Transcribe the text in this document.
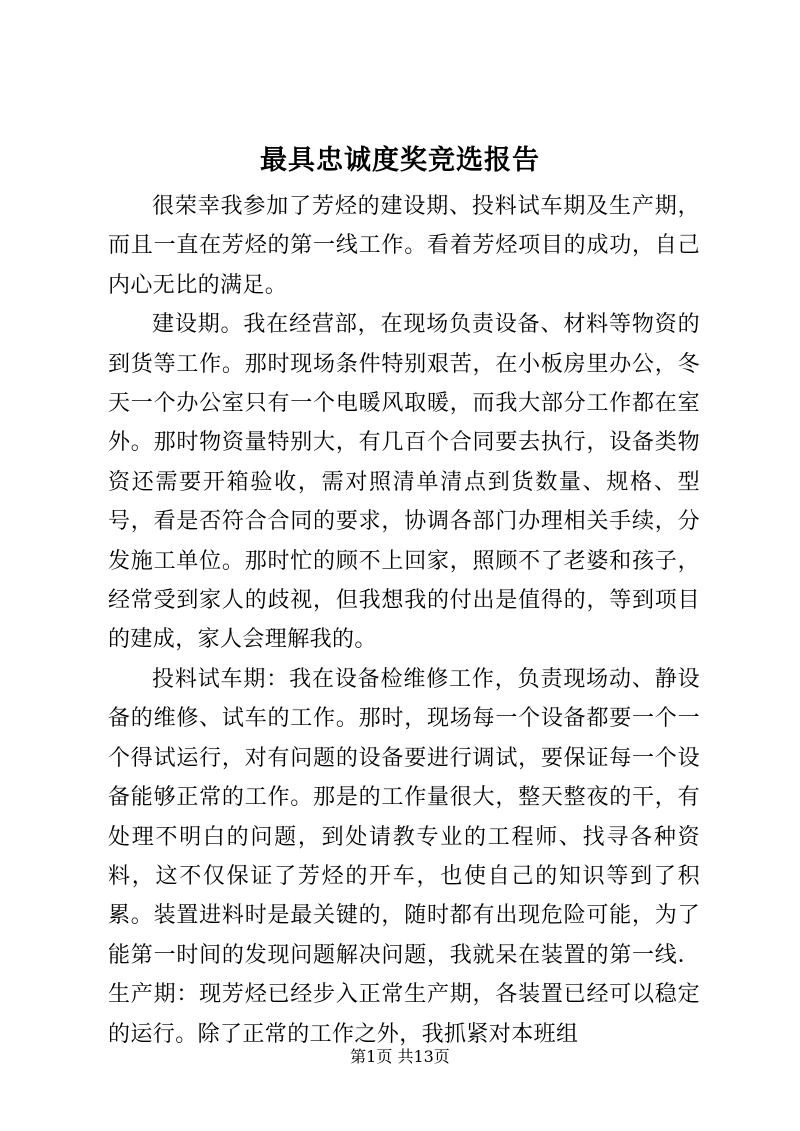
最具忠诚度奖竞选报告

很荣幸我参加了芳烃的建设期、投料试车期及生产期，而且一直在芳烃的第一线工作。看着芳烃项目的成功，自己内心无比的满足。

建设期。我在经营部，在现场负责设备、材料等物资的到货等工作。那时现场条件特别艰苦，在小板房里办公，冬天一个办公室只有一个电暖风取暖，而我大部分工作都在室外。那时物资量特别大，有几百个合同要去执行，设备类物资还需要开箱验收，需对照清单清点到货数量、规格、型号，看是否符合合同的要求，协调各部门办理相关手续，分发施工单位。那时忙的顾不上回家，照顾不了老婆和孩子，经常受到家人的歧视，但我想我的付出是值得的，等到项目的建成，家人会理解我的。

投料试车期：我在设备检维修工作，负责现场动、静设备的维修、试车的工作。那时，现场每一个设备都要一个一个得试运行，对有问题的设备要进行调试，要保证每一个设备能够正常的工作。那是的工作量很大，整天整夜的干，有处理不明白的问题，到处请教专业的工程师、找寻各种资料，这不仅保证了芳烃的开车，也使自己的知识等到了积累。装置进料时是最关键的，随时都有出现危险可能，为了能第一时间的发现问题解决问题，我就呆在装置的第一线．生产期：现芳烃已经步入正常生产期，各装置已经可以稳定的运行。除了正常的工作之外，我抓紧对本班组

第1页 共13页
